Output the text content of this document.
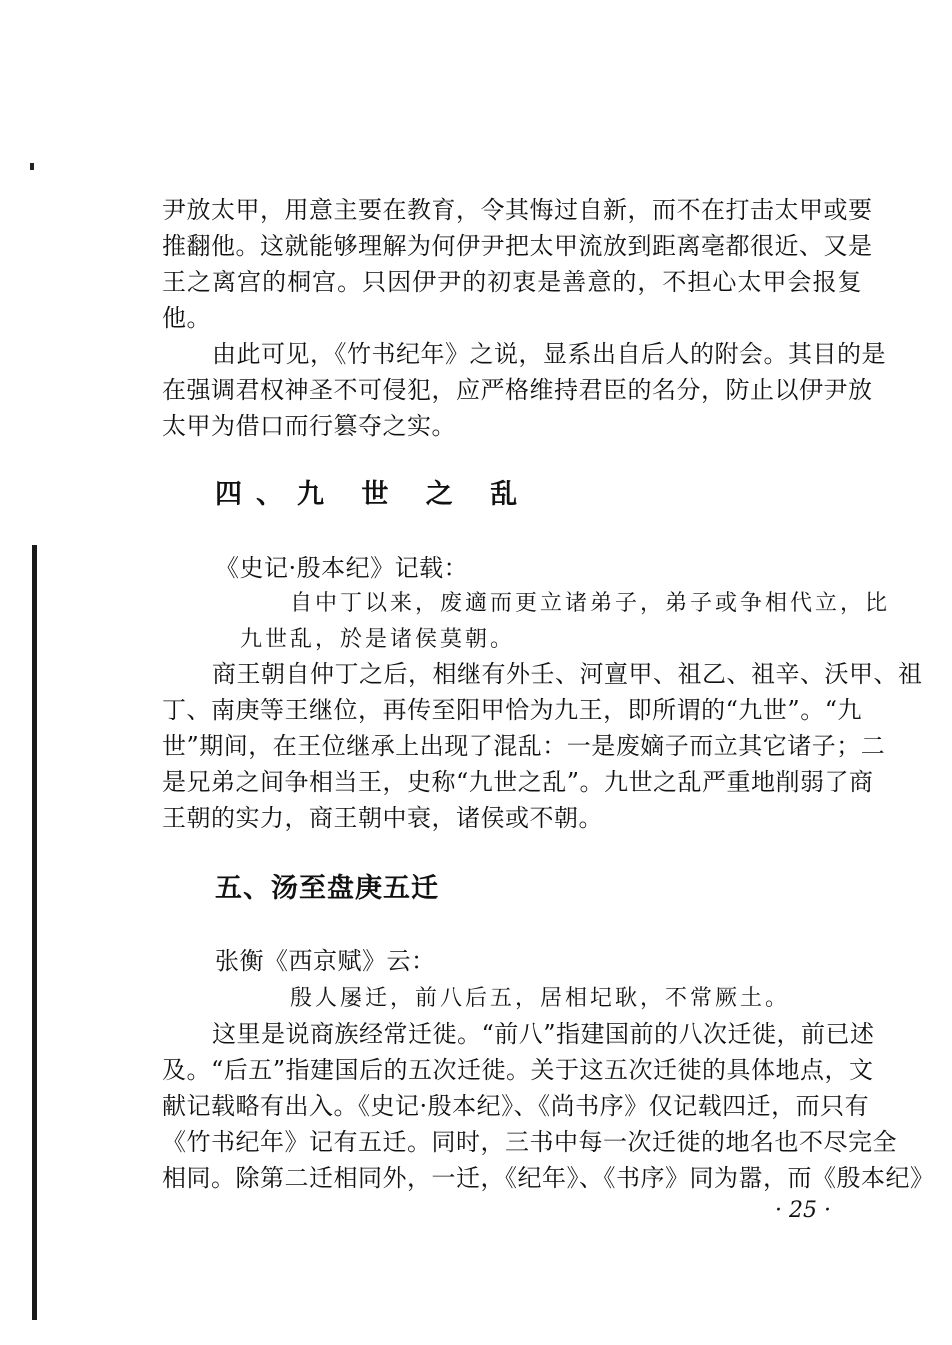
尹放太甲，用意主要在教育，令其悔过自新，而不在打击太甲或要
推翻他。这就能够理解为何伊尹把太甲流放到距离亳都很近、又是
王之离宫的桐宫。只因伊尹的初衷是善意的，不担心太甲会报复
他。
由此可见，《竹书纪年》之说，显系出自后人的附会。其目的是
在强调君权神圣不可侵犯，应严格维持君臣的名分，防止以伊尹放
太甲为借口而行篡夺之实。
四、九 世 之 乱
《史记·殷本纪》记载：
自中丁以来，废適而更立诸弟子，弟子或争相代立，比
九世乱，於是诸侯莫朝。
商王朝自仲丁之后，相继有外壬、河亶甲、祖乙、祖辛、沃甲、祖
丁、南庚等王继位，再传至阳甲恰为九王，即所谓的“九世”。“九
世”期间，在王位继承上出现了混乱：一是废嫡子而立其它诸子；二
是兄弟之间争相当王，史称“九世之乱”。九世之乱严重地削弱了商
王朝的实力，商王朝中衰，诸侯或不朝。
五、汤至盘庚五迁
张衡《西京赋》云：
殷人屡迁，前八后五，居相圮耿，不常厥土。
这里是说商族经常迁徙。“前八”指建国前的八次迁徙，前已述
及。“后五”指建国后的五次迁徙。关于这五次迁徙的具体地点，文
献记载略有出入。《史记·殷本纪》、《尚书序》仅记载四迁，而只有
《竹书纪年》记有五迁。同时，三书中每一次迁徙的地名也不尽完全
相同。除第二迁相同外，一迁，《纪年》、《书序》同为嚣，而《殷本纪》
· 25 ·
